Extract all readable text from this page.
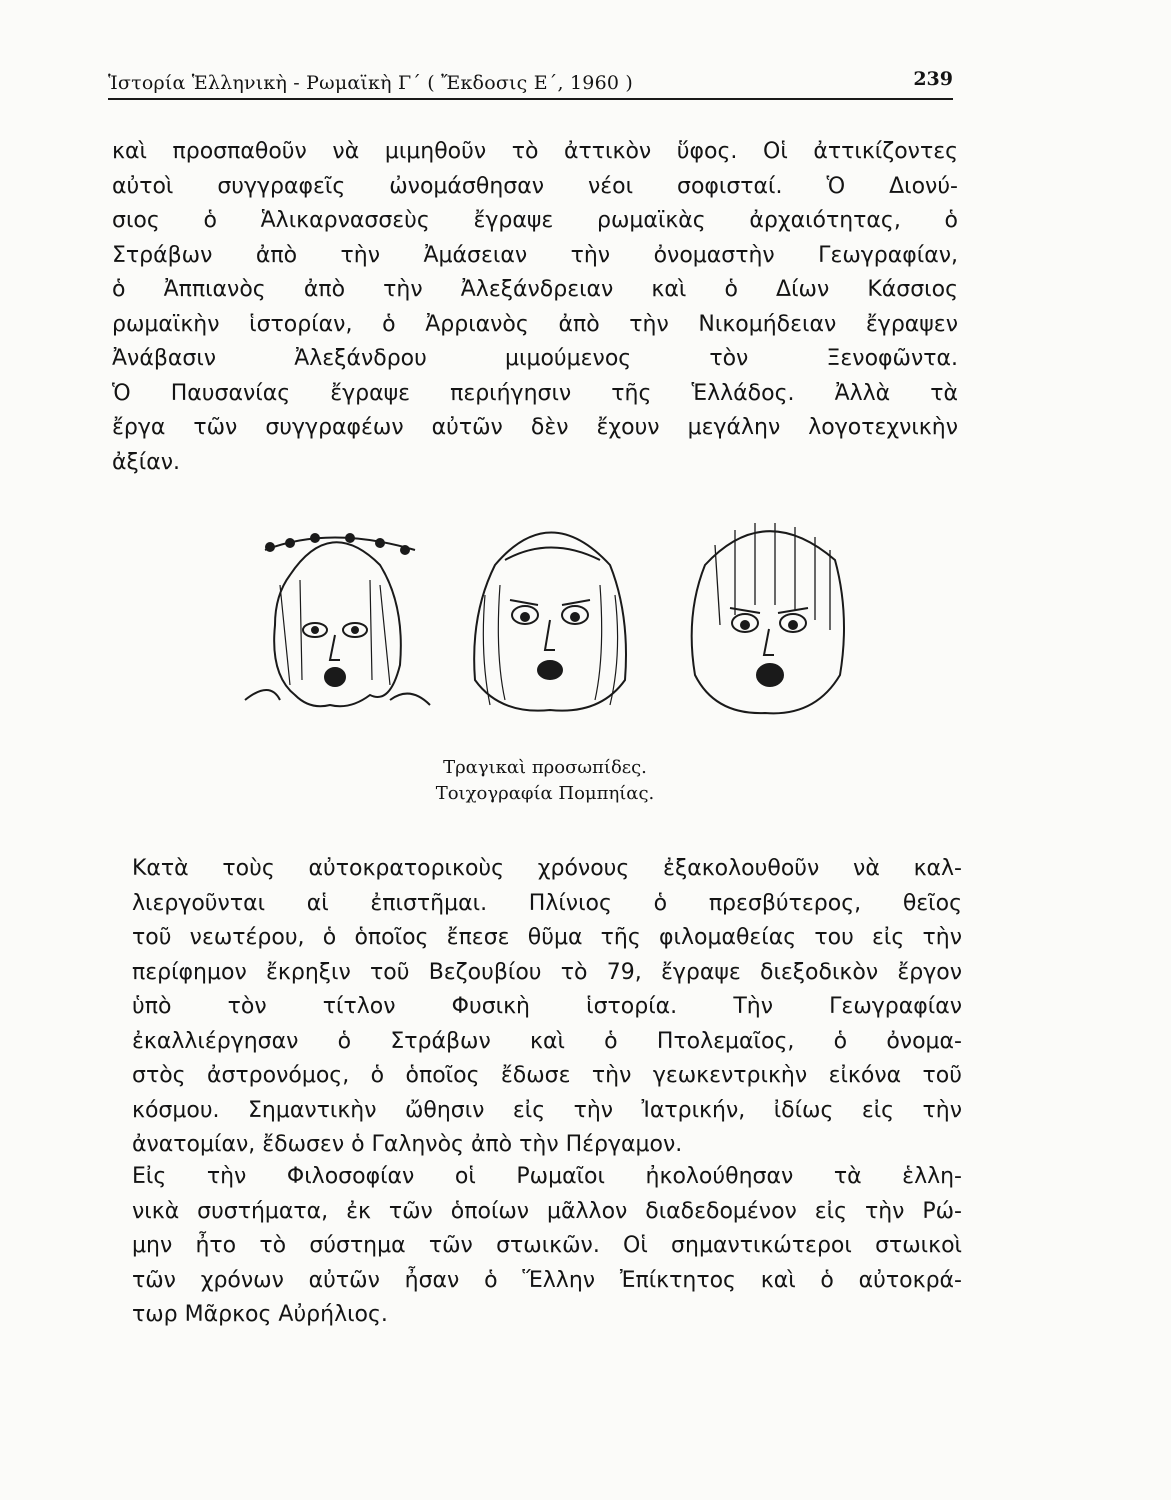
Ἱστορία Ἑλληνικὴ - Ρωμαϊκὴ Γ΄ ( Ἔκδοσις Ε΄, 1960 )	239
καὶ προσπαθοῦν νὰ μιμηθοῦν τὸ ἀττικὸν ὕφος. Οἱ ἀττικίζοντες
αὐτοὶ συγγραφεῖς ὠνομάσθησαν νέοι σοφισταί. Ὁ Διονύ-
σιος ὁ Ἁλικαρνασσεὺς ἔγραψε ρωμαϊκὰς ἀρχαιότητας, ὁ
Στράβων ἀπὸ τὴν Ἀμάσειαν τὴν ὀνομαστὴν Γεωγραφίαν,
ὁ Ἀππιανὸς ἀπὸ τὴν Ἀλεξάνδρειαν καὶ ὁ Δίων Κάσσιος
ρωμαϊκὴν ἱστορίαν, ὁ Ἀρριανὸς ἀπὸ τὴν Νικομήδειαν ἔγραψεν
Ἀνάβασιν Ἀλεξάνδρου μιμούμενος τὸν Ξενοφῶντα.
Ὁ Παυσανίας ἔγραψε περιήγησιν τῆς Ἑλλάδος. Ἀλλὰ τὰ
ἔργα τῶν συγγραφέων αὐτῶν δὲν ἔχουν μεγάλην λογοτεχνικὴν
ἀξίαν.
Τραγικαὶ προσωπίδες.
Τοιχογραφία Πομπηίας.
Κατὰ τοὺς αὐτοκρατορικοὺς χρόνους ἐξακολουθοῦν νὰ καλ-
λιεργοῦνται αἱ ἐπιστῆμαι. Πλίνιος ὁ πρεσβύτερος, θεῖος
τοῦ νεωτέρου, ὁ ὁποῖος ἔπεσε θῦμα τῆς φιλομαθείας του εἰς τὴν
περίφημον ἔκρηξιν τοῦ Βεζουβίου τὸ 79, ἔγραψε διεξοδικὸν ἔργον
ὑπὸ τὸν τίτλον Φυσικὴ ἱστορία. Τὴν Γεωγραφίαν
ἐκαλλιέργησαν ὁ Στράβων καὶ ὁ Πτολεμαῖος, ὁ ὀνομα-
στὸς ἀστρονόμος, ὁ ὁποῖος ἔδωσε τὴν γεωκεντρικὴν εἰκόνα τοῦ
κόσμου. Σημαντικὴν ὤθησιν εἰς τὴν Ἰατρικήν, ἰδίως εἰς τὴν
ἀνατομίαν, ἔδωσεν ὁ Γαληνὸς ἀπὸ τὴν Πέργαμον.
Εἰς τὴν Φιλοσοφίαν οἱ Ρωμαῖοι ἠκολούθησαν τὰ ἑλλη-
νικὰ συστήματα, ἐκ τῶν ὁποίων μᾶλλον διαδεδομένον εἰς τὴν Ρώ-
μην ἦτο τὸ σύστημα τῶν στωικῶν. Οἱ σημαντικώτεροι στωικοὶ
τῶν χρόνων αὐτῶν ἦσαν ὁ Ἕλλην Ἐπίκτητος καὶ ὁ αὐτοκρά-
τωρ Μᾶρκος Αὐρήλιος.
